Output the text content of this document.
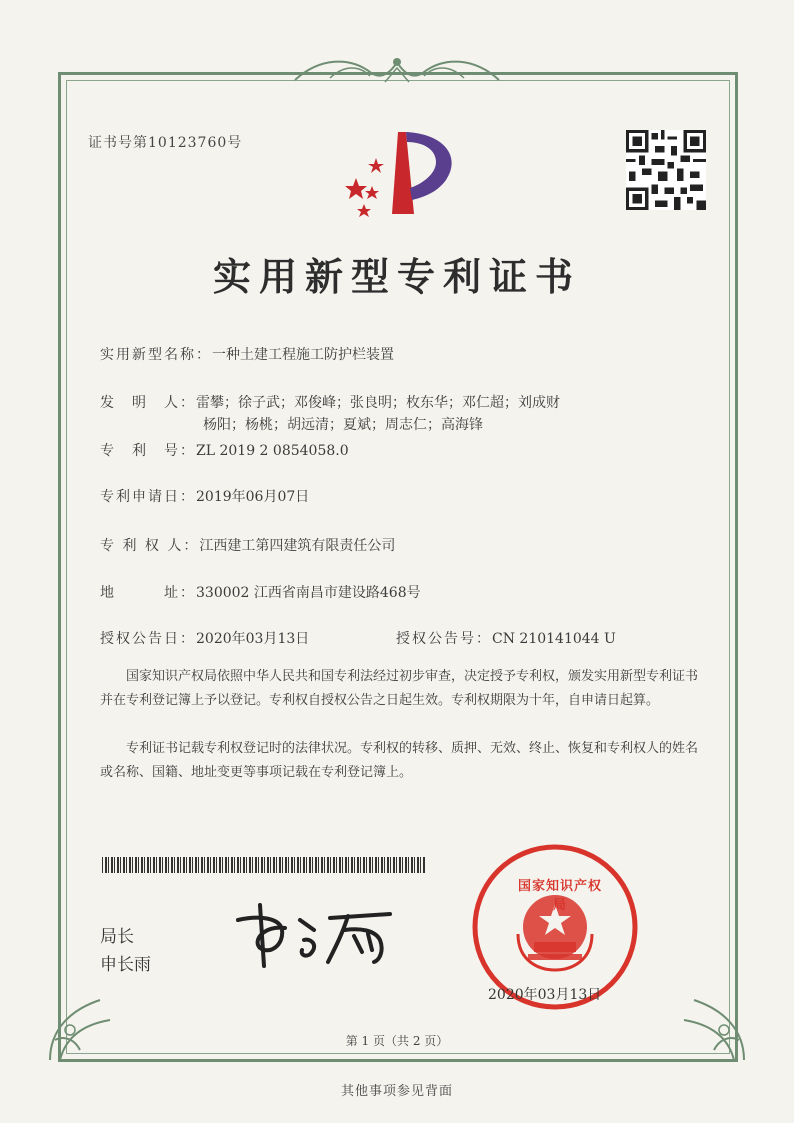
证书号第10123760号
实用新型专利证书
实用新型名称：一种土建工程施工防护栏装置
发　明　人：雷攀；徐子武；邓俊峰；张良明；枚东华；邓仁超；刘成财
杨阳；杨桃；胡远清；夏斌；周志仁；高海锋
专　利　号：ZL 2019 2 0854058.0
专利申请日：2019年06月07日
专 利 权 人：江西建工第四建筑有限责任公司
地　　　址：330002 江西省南昌市建设路468号
授权公告日：2020年03月13日	授权公告号：CN 210141044 U
国家知识产权局依照中华人民共和国专利法经过初步审查，决定授予专利权，颁发实用新型专利证书并在专利登记簿上予以登记。专利权自授权公告之日起生效。专利权期限为十年，自申请日起算。
专利证书记载专利权登记时的法律状况。专利权的转移、质押、无效、终止、恢复和专利权人的姓名或名称、国籍、地址变更等事项记载在专利登记簿上。
局长
申长雨
国家知识产权局
2020年03月13日
第 1 页（共 2 页）
其他事项参见背面
